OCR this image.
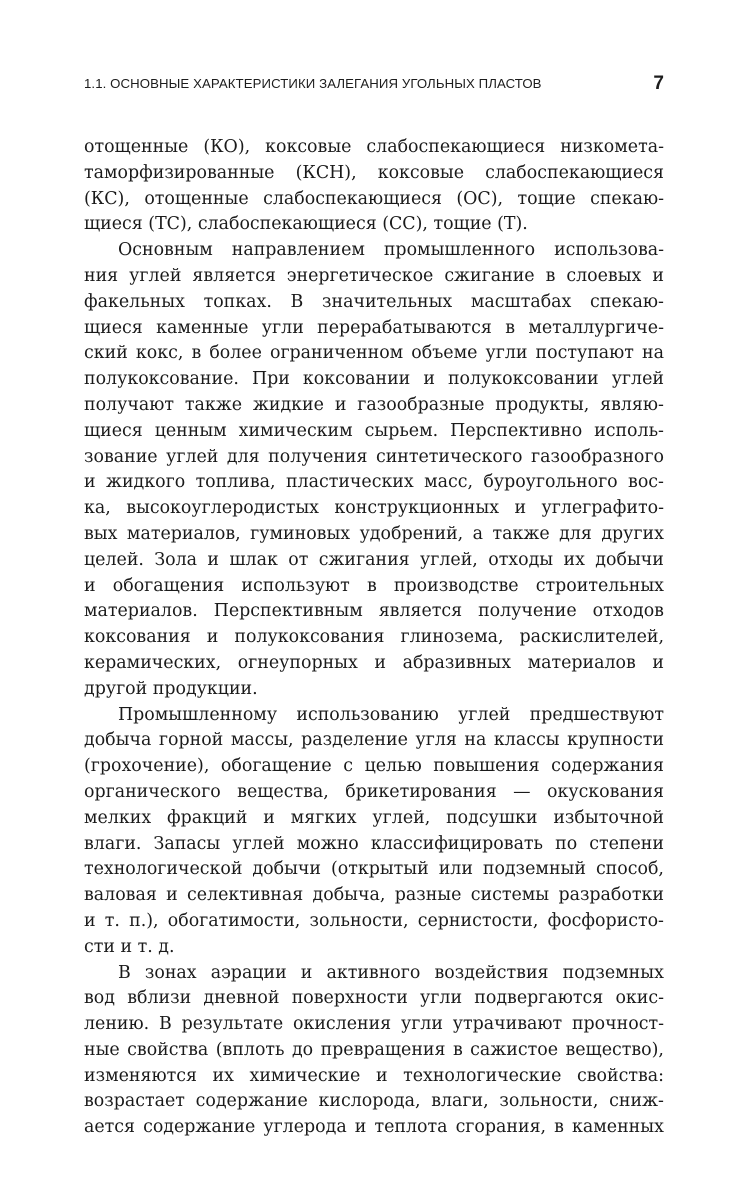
1.1. ОСНОВНЫЕ ХАРАКТЕРИСТИКИ ЗАЛЕГАНИЯ УГОЛЬНЫХ ПЛАСТОВ	7
отощенные (КО), коксовые слабоспекающиеся низкомета-
таморфизированные (КСН), коксовые слабоспекающиеся
(КС), отощенные слабоспекающиеся (ОС), тощие спекаю-
щиеся (ТС), слабоспекающиеся (СС), тощие (Т).
Основным направлением промышленного использова-
ния углей является энергетическое сжигание в слоевых и
факельных топках. В значительных масштабах спекаю-
щиеся каменные угли перерабатываются в металлургиче-
ский кокс, в более ограниченном объеме угли поступают на
полукоксование. При коксовании и полукоксовании углей
получают также жидкие и газообразные продукты, являю-
щиеся ценным химическим сырьем. Перспективно исполь-
зование углей для получения синтетического газообразного
и жидкого топлива, пластических масс, буроугольного вос-
ка, высокоуглеродистых конструкционных и углеграфито-
вых материалов, гуминовых удобрений, а также для других
целей. Зола и шлак от сжигания углей, отходы их добычи
и обогащения используют в производстве строительных
материалов. Перспективным является получение отходов
коксования и полукоксования глинозема, раскислителей,
керамических, огнеупорных и абразивных материалов и
другой продукции.
Промышленному использованию углей предшествуют
добыча горной массы, разделение угля на классы крупности
(грохочение), обогащение с целью повышения содержания
органического вещества, брикетирования — окускования
мелких фракций и мягких углей, подсушки избыточной
влаги. Запасы углей можно классифицировать по степени
технологической добычи (открытый или подземный способ,
валовая и селективная добыча, разные системы разработки
и т. п.), обогатимости, зольности, сернистости, фосфористо-
сти и т. д.
В зонах аэрации и активного воздействия подземных
вод вблизи дневной поверхности угли подвергаются окис-
лению. В результате окисления угли утрачивают прочност-
ные свойства (вплоть до превращения в сажистое вещество),
изменяются их химические и технологические свойства:
возрастает содержание кислорода, влаги, зольности, сниж-
ается содержание углерода и теплота сгорания, в каменных
